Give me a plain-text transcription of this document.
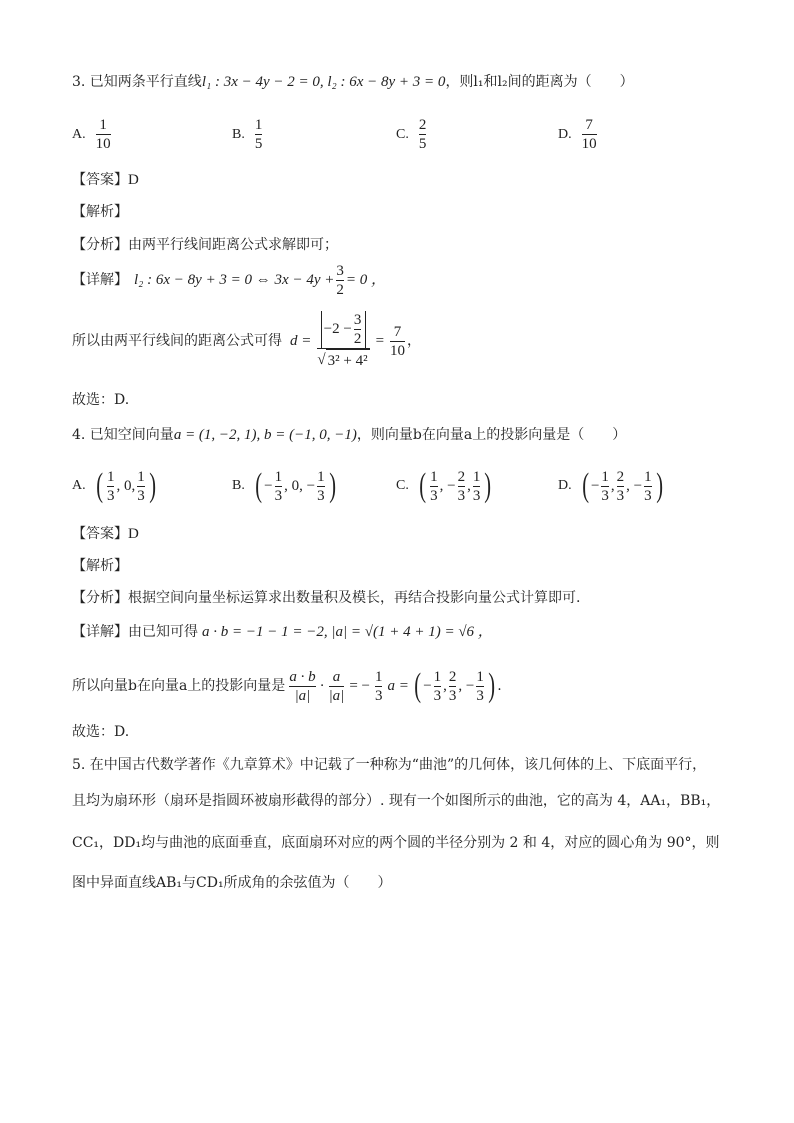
3. 已知两条平行直线l₁ : 3x − 4y − 2 = 0, l₂ : 6x − 8y + 3 = 0，则l₁和l₂间的距离为（　　）
A. $\frac{1}{10}$	B. $\frac{1}{5}$	C. $\frac{2}{5}$	D. $\frac{7}{10}$
【答案】D
【解析】
【分析】由两平行线间距离公式求解即可；
【详解】 l₂ : 6x − 8y + 3 = 0 ⇔ $3x - 4y + \frac{3}{2} = 0$ ，
所以由两平行线间的距离公式可得 $d = \frac{-2 - \frac{3}{2}}{\text{√ 3² + 4²}} = \frac{7}{10}$ ，
故选：D.
4. 已知空间向量a = (1, −2, 1), b = (−1, 0, −1)，则向量b在向量a上的投影向量是（　　）
A. ( $\frac{1}{3}$ , 0, $\frac{1}{3}$ )	B. ( − $\frac{1}{3}$ , 0, − $\frac{1}{3}$ )	C. ( $\frac{1}{3}$ , − $\frac{2}{3}$ , $\frac{1}{3}$ )	D. ( − $\frac{1}{3}$ , $\frac{2}{3}$ , − $\frac{1}{3}$ )
【答案】D
【解析】
【分析】根据空间向量坐标运算求出数量积及模长，再结合投影向量公式计算即可.
【详解】由已知可得 a · b = −1 − 1 = −2, |a| = √(1 + 4 + 1) = √6 ，
所以向量b在向量a上的投影向量是 $\frac{a \cdot b}{|a|} \cdot \frac{a}{|a|}$ = − $\frac{1}{3}$ a = ( − $\frac{1}{3}$ , $\frac{2}{3}$ , − $\frac{1}{3}$ ) .
故选：D.
5. 在中国古代数学著作《九章算术》中记载了一种称为“曲池”的几何体，该几何体的上、下底面平行，
且均为扇环形（扇环是指圆环被扇形截得的部分）. 现有一个如图所示的曲池，它的高为 4，AA₁，BB₁，
CC₁，DD₁均与曲池的底面垂直，底面扇环对应的两个圆的半径分别为 2 和 4，对应的圆心角为 90°，则
图中异面直线AB₁与CD₁所成角的余弦值为（　　）
